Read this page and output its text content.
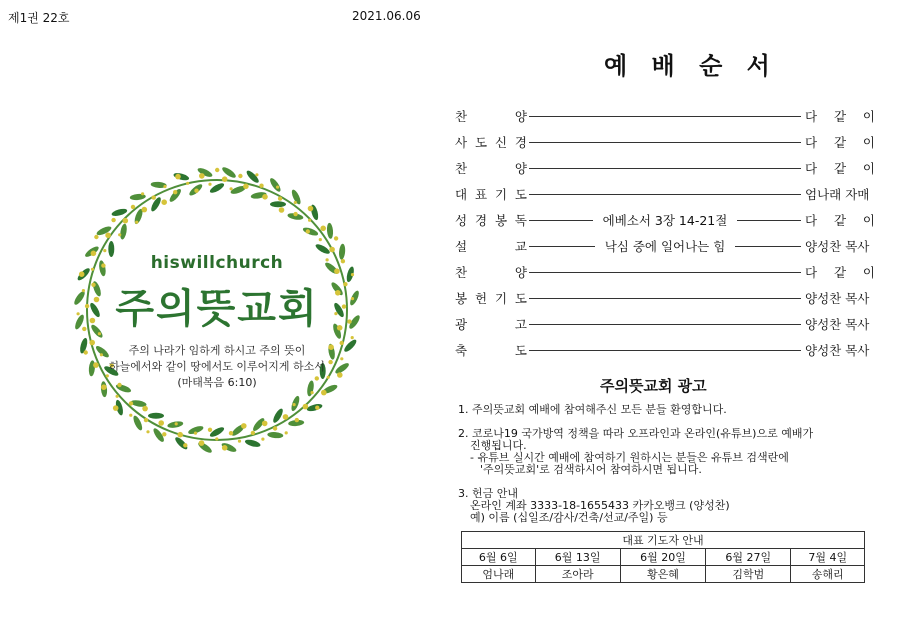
제1권 22호	2021.06.06
hiswillchurch
주의뜻교회
주의 나라가 임하게 하시고 주의 뜻이
하늘에서와 같이 땅에서도 이루어지게 하소서
(마태복음 6:10)
예 배 순 서
찬	양	다 같 이
사 도 신 경	다 같 이
찬	양	다 같 이
대 표 기 도	엄나래 자매
성 경 봉 독	에베소서 3장 14-21절	다 같 이
설	교	낙심 중에 일어나는 힘	양성찬 목사
찬	양	다 같 이
봉 헌 기 도	양성찬 목사
광	고	양성찬 목사
축	도	양성찬 목사
주의뜻교회 광고

1. 주의뜻교회 예배에 참여해주신 모든 분들 환영합니다.

2. 코로나19 국가방역 정책을 따라 오프라인과 온라인(유튜브)으로 예배가

진행됩니다.

- 유튜브 실시간 예배에 참여하기 원하시는 분들은 유튜브 검색란에

'주의뜻교회'로 검색하시어 참여하시면 됩니다.

3. 헌금 안내

온라인 계좌 3333-18-1655433 카카오뱅크 (양성찬)

예) 이름 (십일조/감사/건축/선교/주일) 등

대표 기도자 안내				
6월 6일	6월 13일	6월 20일	6월 27일	7월 4일
엄나래	조아라	황은혜	김학범	송해리
